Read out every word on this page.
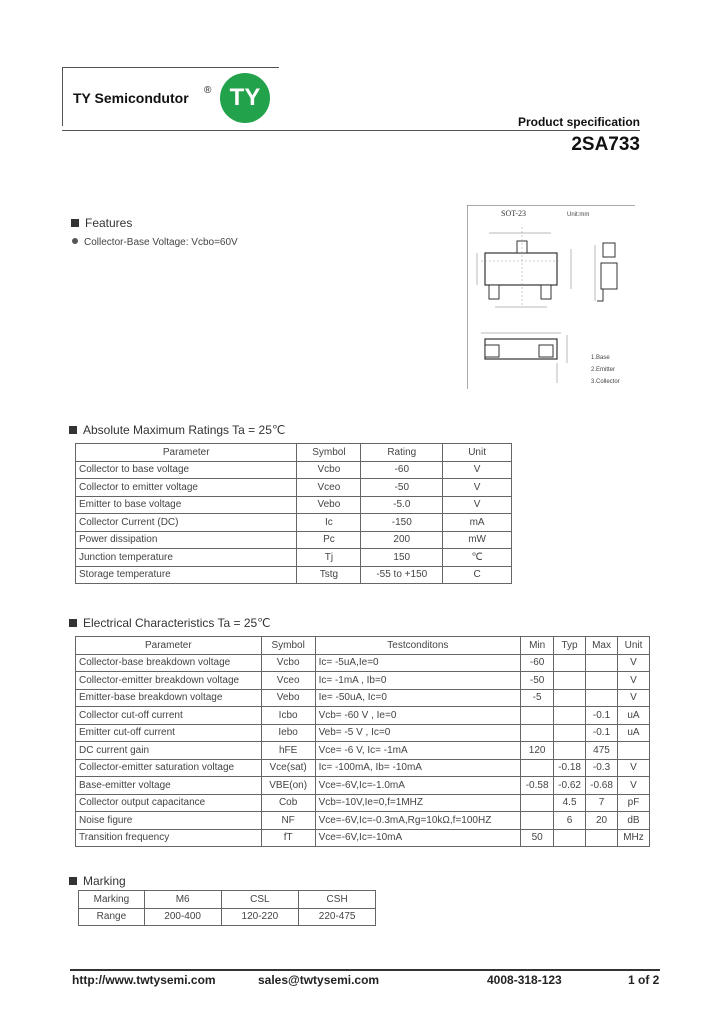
TY Semicondutor ® TY
Product specification
2SA733
Features
Collector-Base Voltage: Vcbo=60V
SOT-23	Unit:mm
1.Base
2.Emitter
3.Collector
Absolute Maximum Ratings Ta = 25℃
Parameter	Symbol	Rating	Unit
Collector to base voltage	Vcbo	-60	V
Collector to emitter voltage	Vceo	-50	V
Emitter to base voltage	Vebo	-5.0	V
Collector Current (DC)	Ic	-150	mA
Power dissipation	Pc	200	mW
Junction temperature	Tj	150	℃
Storage temperature	Tstg	-55 to +150	C
Electrical Characteristics Ta = 25℃
Parameter	Symbol	Testconditons	Min	Typ	Max	Unit
Collector-base breakdown voltage	Vcbo	Ic= -5uA,Ie=0	-60			V
Collector-emitter breakdown voltage	Vceo	Ic= -1mA , Ib=0	-50			V
Emitter-base breakdown voltage	Vebo	Ie= -50uA, Ic=0	-5			V
Collector cut-off current	Icbo	Vcb= -60 V , Ie=0			-0.1	uA
Emitter cut-off current	Iebo	Veb= -5 V , Ic=0			-0.1	uA
DC current gain	hFE	Vce= -6 V, Ic= -1mA	120		475	
Collector-emitter saturation voltage	Vce(sat)	Ic= -100mA, Ib= -10mA		-0.18	-0.3	V
Base-emitter voltage	VBE(on)	Vce=-6V,Ic=-1.0mA	-0.58	-0.62	-0.68	V
Collector output capacitance	Cob	Vcb=-10V,Ie=0,f=1MHZ		4.5	7	pF
Noise figure	NF	Vce=-6V,Ic=-0.3mA,Rg=10kΩ,f=100HZ		6	20	dB
Transition frequency	fT	Vce=-6V,Ic=-10mA	50			MHz
Marking
Marking	M6	CSL	CSH
Range	200-400	120-220	220-475
http://www.twtysemi.com	sales@twtysemi.com	4008-318-123	1 of 2
